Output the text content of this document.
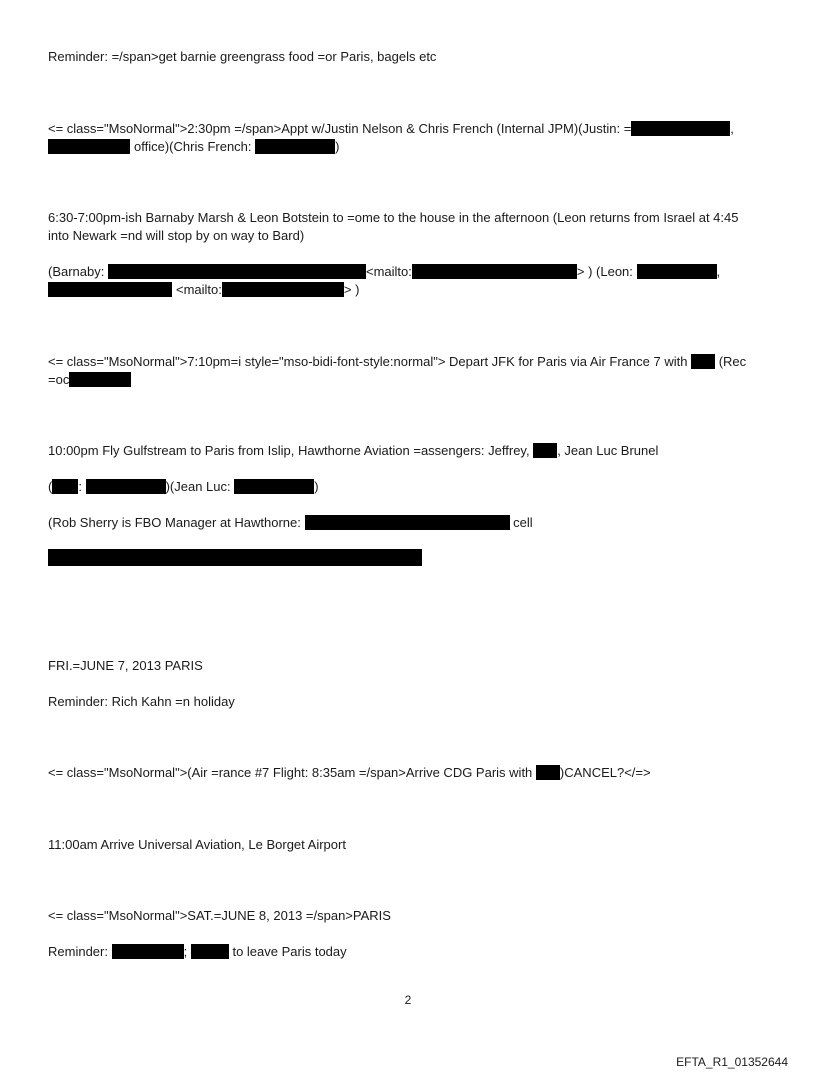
Reminder: =/span>get barnie greengrass food =or Paris, bagels etc
<= class="MsoNormal">2:30pm =/span>Appt w/Justin Nelson & Chris French (Internal JPM)(Justin: =	,
office)(Chris French:	)
6:30-7:00pm-ish Barnaby Marsh & Leon Botstein to =ome to the house in the afternoon (Leon returns from Israel at 4:45
into Newark =nd will stop by on way to Bard)
(Barnaby:	<mailto:	> ) (Leon:	,
<mailto:	> )
<= class="MsoNormal">7:10pm=i style="mso-bidi-font-style:normal"> Depart JFK for Paris via Air France 7 with (Rec
=oc
10:00pm Fly Gulfstream to Paris from Islip, Hawthorne Aviation =assengers: Jeffrey, , Jean Luc Brunel
( :	)(Jean Luc:	)
(Rob Sherry is FBO Manager at Hawthorne:	cell
FRI.=JUNE 7, 2013 PARIS
Reminder: Rich Kahn =n holiday
<= class="MsoNormal">(Air =rance #7 Flight: 8:35am =/span>Arrive CDG Paris with )CANCEL?</=>
11:00am Arrive Universal Aviation, Le Borget Airport
<= class="MsoNormal">SAT.=JUNE 8, 2013 =/span>PARIS
Reminder:	;	to leave Paris today
2
EFTA_R1_01352644
